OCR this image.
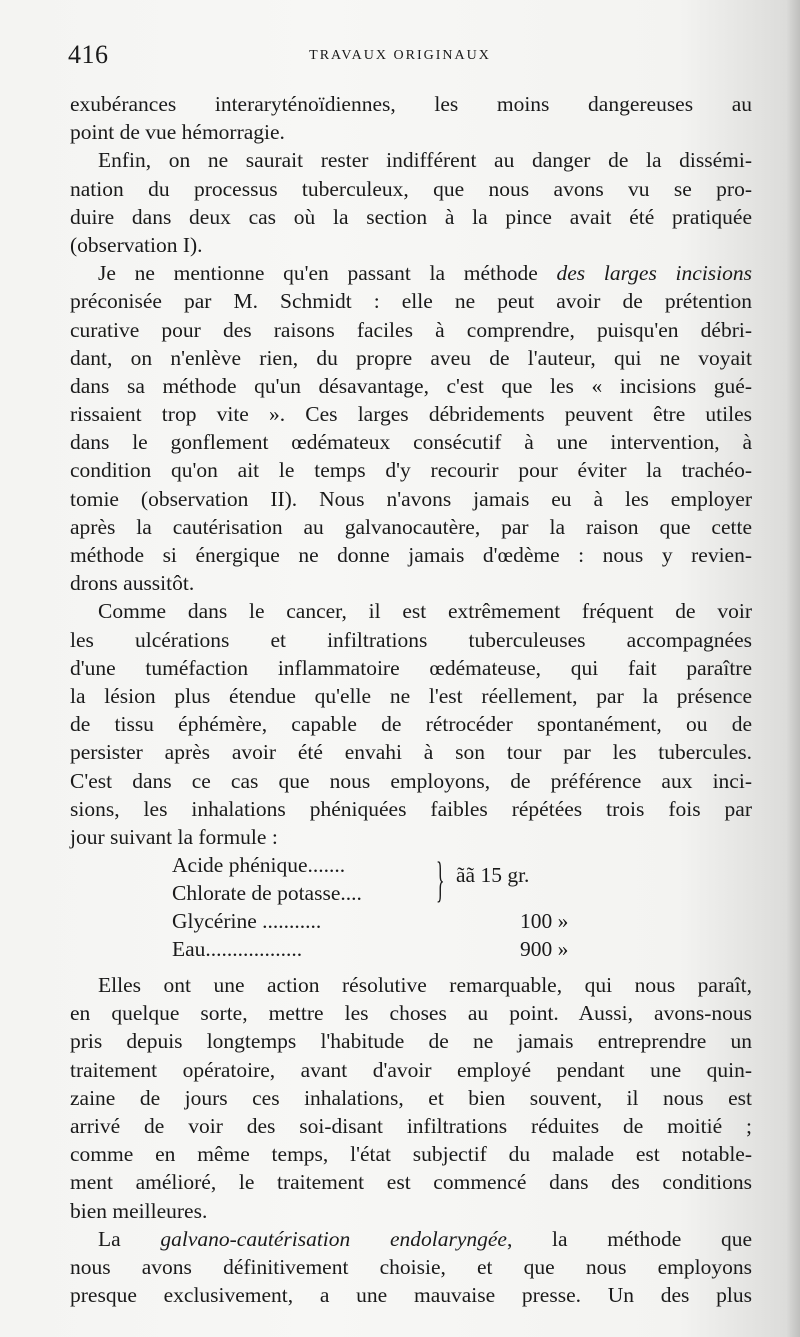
416	TRAVAUX ORIGINAUX
exubérances interaryténoïdiennes, les moins dangereuses au
point de vue hémorragie.
Enfin, on ne saurait rester indifférent au danger de la dissémi-
nation du processus tuberculeux, que nous avons vu se pro-
duire dans deux cas où la section à la pince avait été pratiquée
(observation I).
Je ne mentionne qu'en passant la méthode des larges incisions
préconisée par M. Schmidt : elle ne peut avoir de prétention
curative pour des raisons faciles à comprendre, puisqu'en débri-
dant, on n'enlève rien, du propre aveu de l'auteur, qui ne voyait
dans sa méthode qu'un désavantage, c'est que les « incisions gué-
rissaient trop vite ». Ces larges débridements peuvent être utiles
dans le gonflement œdémateux consécutif à une intervention, à
condition qu'on ait le temps d'y recourir pour éviter la trachéo-
tomie (observation II). Nous n'avons jamais eu à les employer
après la cautérisation au galvanocautère, par la raison que cette
méthode si énergique ne donne jamais d'œdème : nous y revien-
drons aussitôt.
Comme dans le cancer, il est extrêmement fréquent de voir
les ulcérations et infiltrations tuberculeuses accompagnées
d'une tuméfaction inflammatoire œdémateuse, qui fait paraître
la lésion plus étendue qu'elle ne l'est réellement, par la présence
de tissu éphémère, capable de rétrocéder spontanément, ou de
persister après avoir été envahi à son tour par les tubercules.
C'est dans ce cas que nous employons, de préférence aux inci-
sions, les inhalations phéniquées faibles répétées trois fois par
jour suivant la formule :
Acide phénique.......
Chlorate de potasse.... } ãã 15 gr.
Glycérine ...........	100 »
Eau..................	900 »
Elles ont une action résolutive remarquable, qui nous paraît,
en quelque sorte, mettre les choses au point. Aussi, avons-nous
pris depuis longtemps l'habitude de ne jamais entreprendre un
traitement opératoire, avant d'avoir employé pendant une quin-
zaine de jours ces inhalations, et bien souvent, il nous est
arrivé de voir des soi-disant infiltrations réduites de moitié ;
comme en même temps, l'état subjectif du malade est notable-
ment amélioré, le traitement est commencé dans des conditions
bien meilleures.
La galvano-cautérisation endolaryngée, la méthode que
nous avons définitivement choisie, et que nous employons
presque exclusivement, a une mauvaise presse. Un des plus
